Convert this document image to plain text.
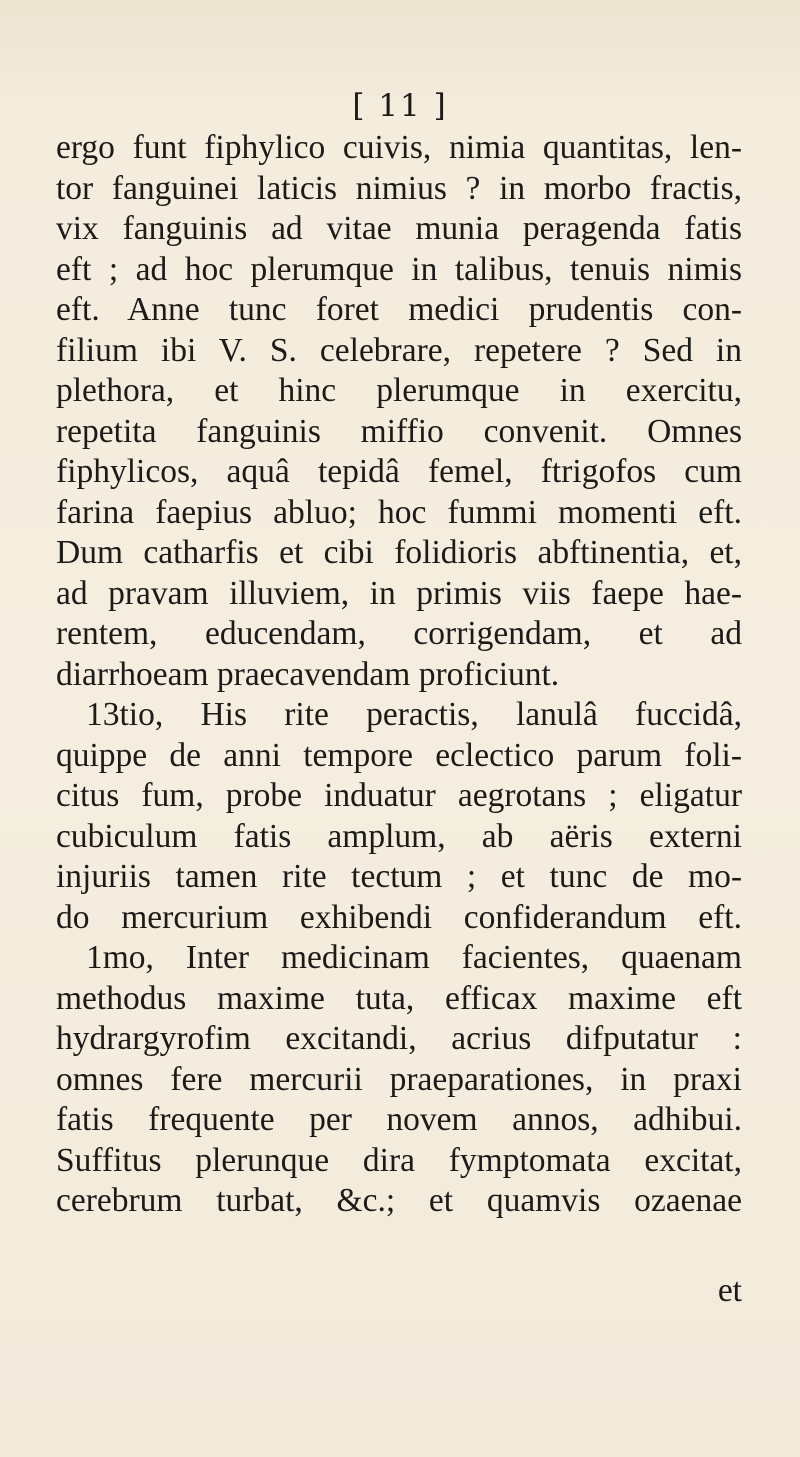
[ 11 ]
ergo funt fiphylico cuivis, nimia quantitas, len-
tor fanguinei laticis nimius ? in morbo fractis,
vix fanguinis ad vitae munia peragenda fatis
eft ; ad hoc plerumque in talibus, tenuis nimis
eft. Anne tunc foret medici prudentis con-
filium ibi V. S. celebrare, repetere ? Sed in
plethora, et hinc plerumque in exercitu,
repetita fanguinis miffio convenit. Omnes
fiphylicos, aquâ tepidâ femel, ftrigofos cum
farina faepius abluo; hoc fummi momenti eft.
Dum catharfis et cibi folidioris abftinentia, et,
ad pravam illuviem, in primis viis faepe hae-
rentem, educendam, corrigendam, et ad
diarrhoeam praecavendam proficiunt.
13tio, His rite peractis, lanulâ fuccidâ,
quippe de anni tempore eclectico parum foli-
citus fum, probe induatur aegrotans ; eligatur
cubiculum fatis amplum, ab aëris externi
injuriis tamen rite tectum ; et tunc de mo-
do mercurium exhibendi confiderandum eft.
1mo, Inter medicinam facientes, quaenam
methodus maxime tuta, efficax maxime eft
hydrargyrofim excitandi, acrius difputatur :
omnes fere mercurii praeparationes, in praxi
fatis frequente per novem annos, adhibui.
Suffitus plerunque dira fymptomata excitat,
cerebrum turbat, &c.; et quamvis ozaenae
et
